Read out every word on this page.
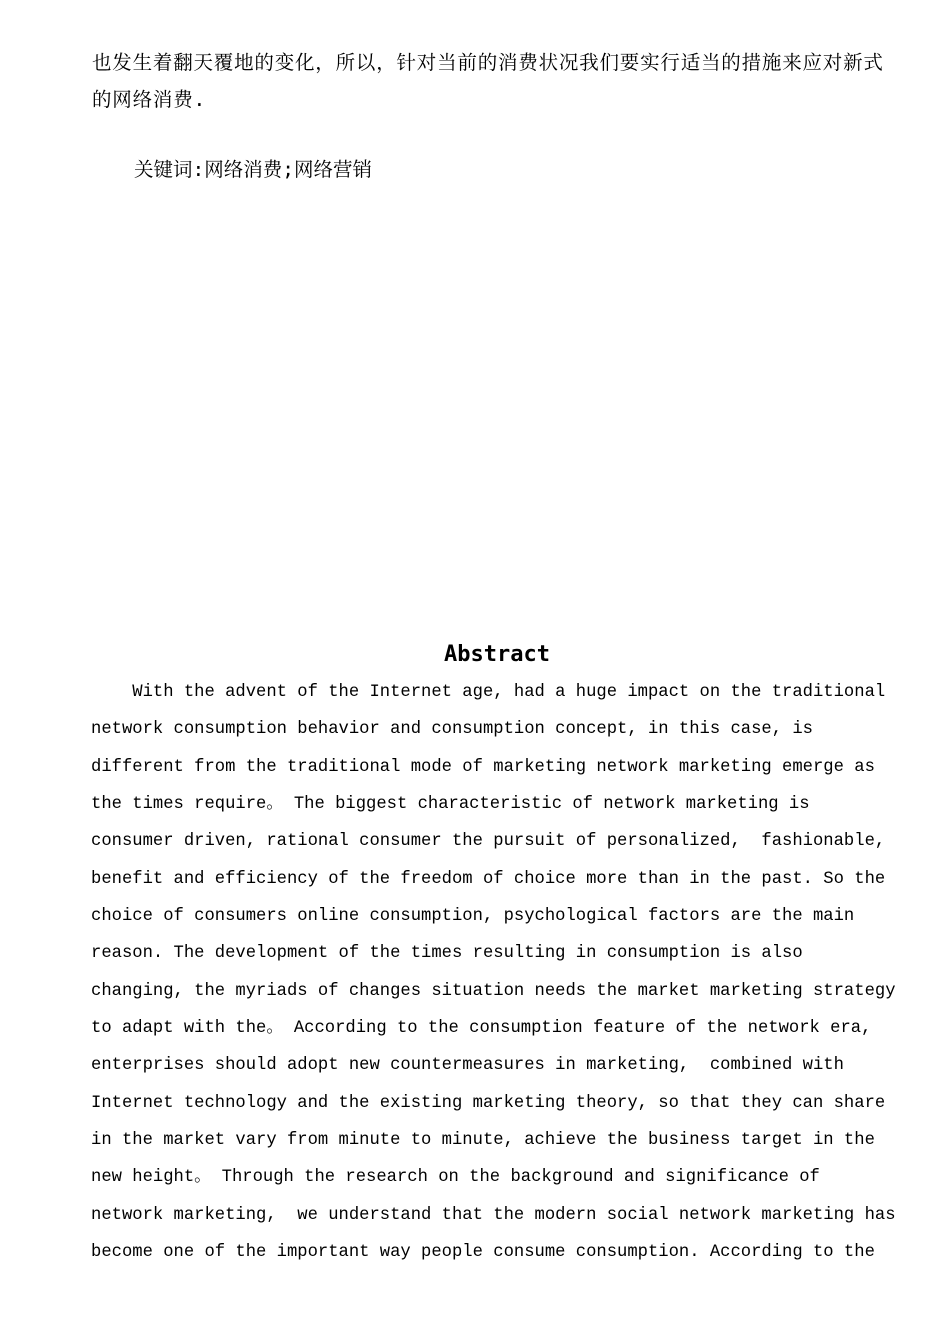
也发生着翻天覆地的变化，所以，针对当前的消费状况我们要实行适当的措施来应对新式
的网络消费.
关键词:网络消费;网络营销
Abstract
With the advent of the Internet age, had a huge impact on the traditional
network consumption behavior and consumption concept, in this case, is
different from the traditional mode of marketing network marketing emerge as
the times require。 The biggest characteristic of network marketing is
consumer driven, rational consumer the pursuit of personalized,  fashionable,
benefit and efficiency of the freedom of choice more than in the past. So the
choice of consumers online consumption, psychological factors are the main
reason. The development of the times resulting in consumption is also
changing, the myriads of changes situation needs the market marketing strategy
to adapt with the。 According to the consumption feature of the network era,
enterprises should adopt new countermeasures in marketing,  combined with
Internet technology and the existing marketing theory, so that they can share
in the market vary from minute to minute, achieve the business target in the
new height。 Through the research on the background and significance of
network marketing,  we understand that the modern social network marketing has
become one of the important way people consume consumption. According to the
